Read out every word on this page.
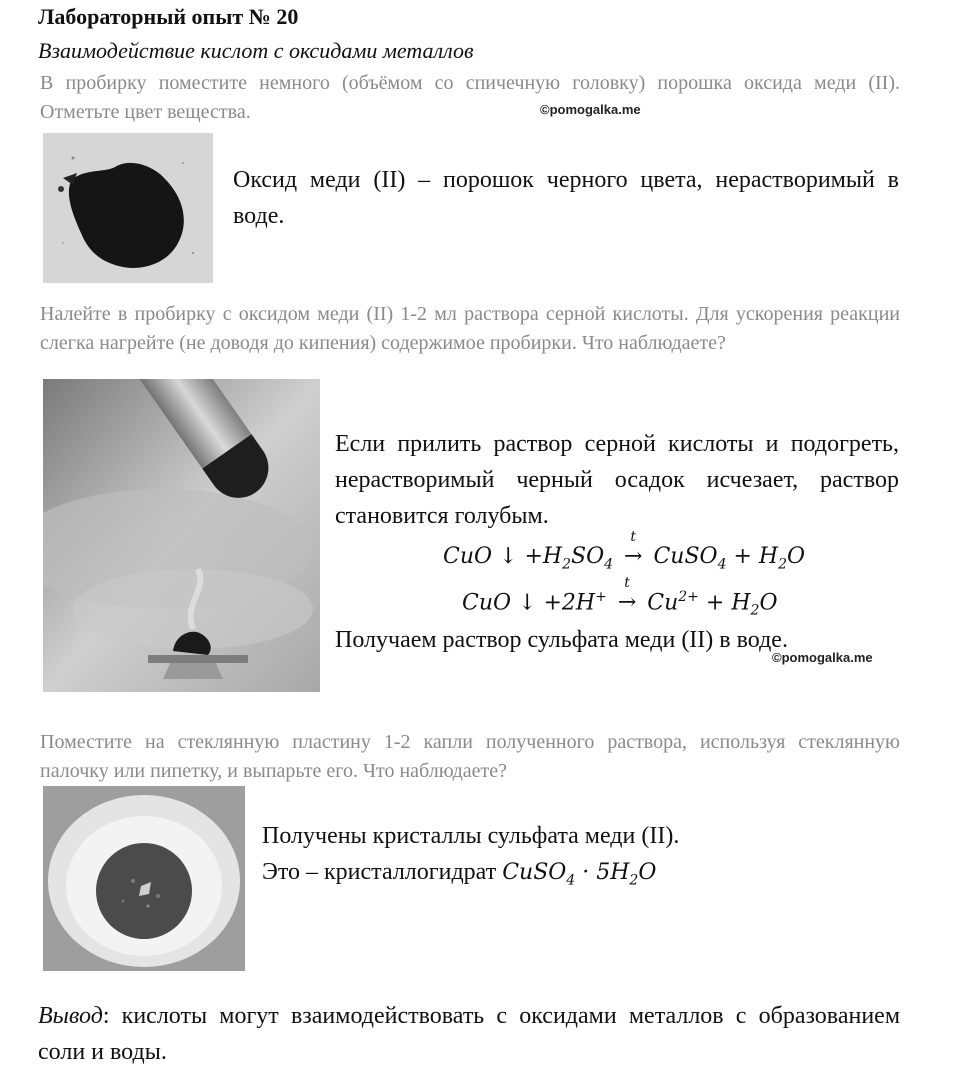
Лабораторный опыт № 20
Взаимодействие кислот с оксидами металлов
В пробирку поместите немного (объёмом со спичечную головку) порошка оксида меди (II). Отметьте цвет вещества.	©pomogalka.me
Оксид меди (II) – порошок черного цвета, нерастворимый в воде.
Налейте в пробирку с оксидом меди (II) 1-2 мл раствора серной кислоты. Для ускорения реакции слегка нагрейте (не доводя до кипения) содержимое пробирки. Что наблюдаете?
Если прилить раствор серной кислоты и подогреть, нерастворимый черный осадок исчезает, раствор становится голубым.
CuO ↓ $+H_2SO_4$
t
→ CuSO$_4$ + $H_2O$
CuO ↓ +2H+
t
→ $Cu^{2+} + H_2O$
Получаем раствор сульфата меди (II) в воде.
©pomogalka.me
Поместите на стеклянную пластину 1-2 капли полученного раствора, используя стеклянную палочку или пипетку, и выпарьте его. Что наблюдаете?
Получены кристаллы сульфата меди (II).
Это – кристаллогидрат CuSO$_4$ · $5H_2O$
Вывод: кислоты могут взаимодействовать с оксидами металлов с образованием соли и воды.
